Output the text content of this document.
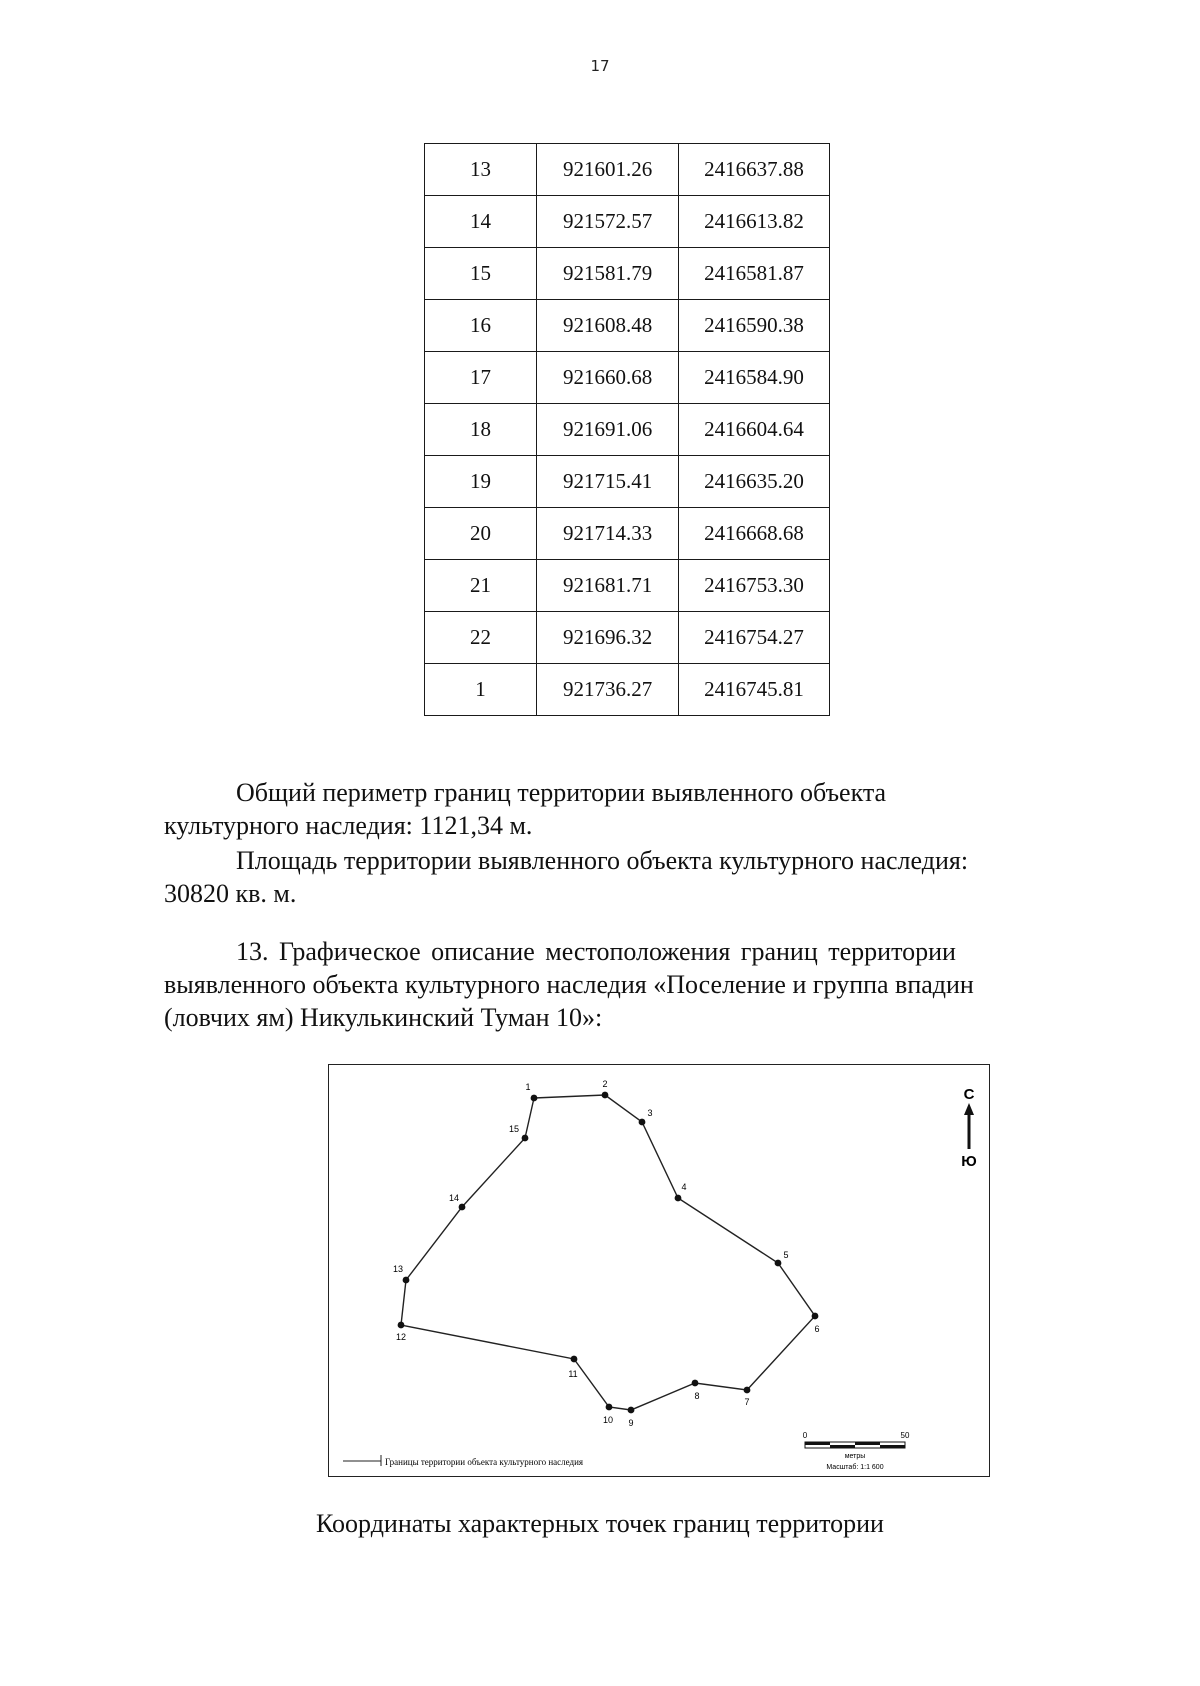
17
13	921601.26	2416637.88
14	921572.57	2416613.82
15	921581.79	2416581.87
16	921608.48	2416590.38
17	921660.68	2416584.90
18	921691.06	2416604.64
19	921715.41	2416635.20
20	921714.33	2416668.68
21	921681.71	2416753.30
22	921696.32	2416754.27
1	921736.27	2416745.81

Общий периметр границ территории выявленного объекта

культурного наследия: 1121,34 м.

Площадь территории выявленного объекта культурного наследия:

30820 кв. м.

13. Графическое описание местоположения границ территории

выявленного объекта культурного наследия «Поселение и группа впадин

(ловчих ям) Никулькинский Туман 10»:

1	2
3
4
5
6
7
8
9
10
11
12
13
14
15
С
Ю
Границы территории объекта культурного наследия
0	50
метры
Масштаб: 1:1 600
Координаты характерных точек границ территории
